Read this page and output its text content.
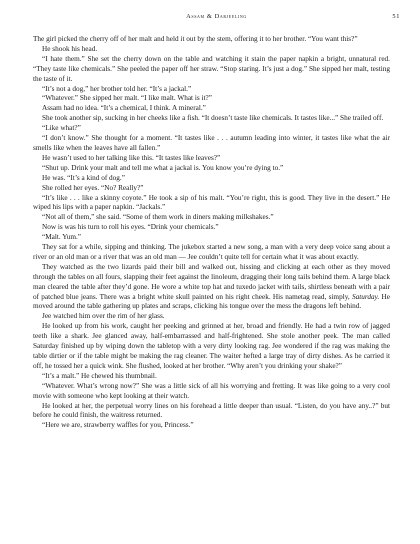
Assam & Darjeeling	51

The girl picked the cherry off of her malt and held it out by the stem, offering it to her brother. “You want this?”

He shook his head.

“I hate them.” She set the cherry down on the table and watching it stain the paper napkin a bright, unnatural red. “They taste like chemicals.” She peeled the paper off her straw. “Stop staring. It’s just a dog.” She sipped her malt, testing the taste of it.

“It’s not a dog,” her brother told her. “It’s a jackal.”

“Whatever.” She sipped her malt. “I like malt. What is it?”

Assam had no idea. “It’s a chemical, I think. A mineral.”

She took another sip, sucking in her cheeks like a fish. “It doesn’t taste like chemicals. It tastes like...” She trailed off.

“Like what?”

“I don’t know.” She thought for a moment. “It tastes like . . . autumn leading into winter, it tastes like what the air smells like when the leaves have all fallen.”

He wasn’t used to her talking like this. “It tastes like leaves?”

“Shut up. Drink your malt and tell me what a jackal is. You know you’re dying to.”

He was. “It’s a kind of dog.”

She rolled her eyes. “No? Really?”

“It’s like . . . like a skinny coyote.” He took a sip of his malt. “You’re right, this is good. They live in the desert.” He wiped his lips with a paper napkin. “Jackals.”

“Not all of them,” she said. “Some of them work in diners making milkshakes.”

Now is was his turn to roll his eyes. “Drink your chemicals.”

“Malt. Yum.”

They sat for a while, sipping and thinking. The jukebox started a new song, a man with a very deep voice sang about a river or an old man or a river that was an old man — Jee couldn’t quite tell for certain what it was about exactly.

They watched as the two lizards paid their bill and walked out, hissing and clicking at each other as they moved through the tables on all fours, slapping their feet against the linoleum, dragging their long tails behind them. A large black man cleared the table after they’d gone. He wore a white top hat and tuxedo jacket with tails, shirtless beneath with a pair of patched blue jeans. There was a bright white skull painted on his right cheek. His nametag read, simply, Saturday. He moved around the table gathering up plates and scraps, clicking his tongue over the mess the dragons left behind.

Jee watched him over the rim of her glass.

He looked up from his work, caught her peeking and grinned at her, broad and friendly. He had a twin row of jagged teeth like a shark. Jee glanced away, half-embarrassed and half-frightened. She stole another peek. The man called Saturday finished up by wiping down the tabletop with a very dirty looking rag. Jee wondered if the rag was making the table dirtier or if the table might be making the rag cleaner. The waiter hefted a large tray of dirty dishes. As he carried it off, he tossed her a quick wink. She flushed, looked at her brother. “Why aren’t you drinking your shake?”

“It’s a malt.” He chewed his thumbnail.

“Whatever. What’s wrong now?” She was a little sick of all his worrying and fretting. It was like going to a very cool movie with someone who kept looking at their watch.

He looked at her, the perpetual worry lines on his forehead a little deeper than usual. “Listen, do you have any..?” but before he could finish, the waitress returned.

“Here we are, strawberry waffles for you, Princess.”
